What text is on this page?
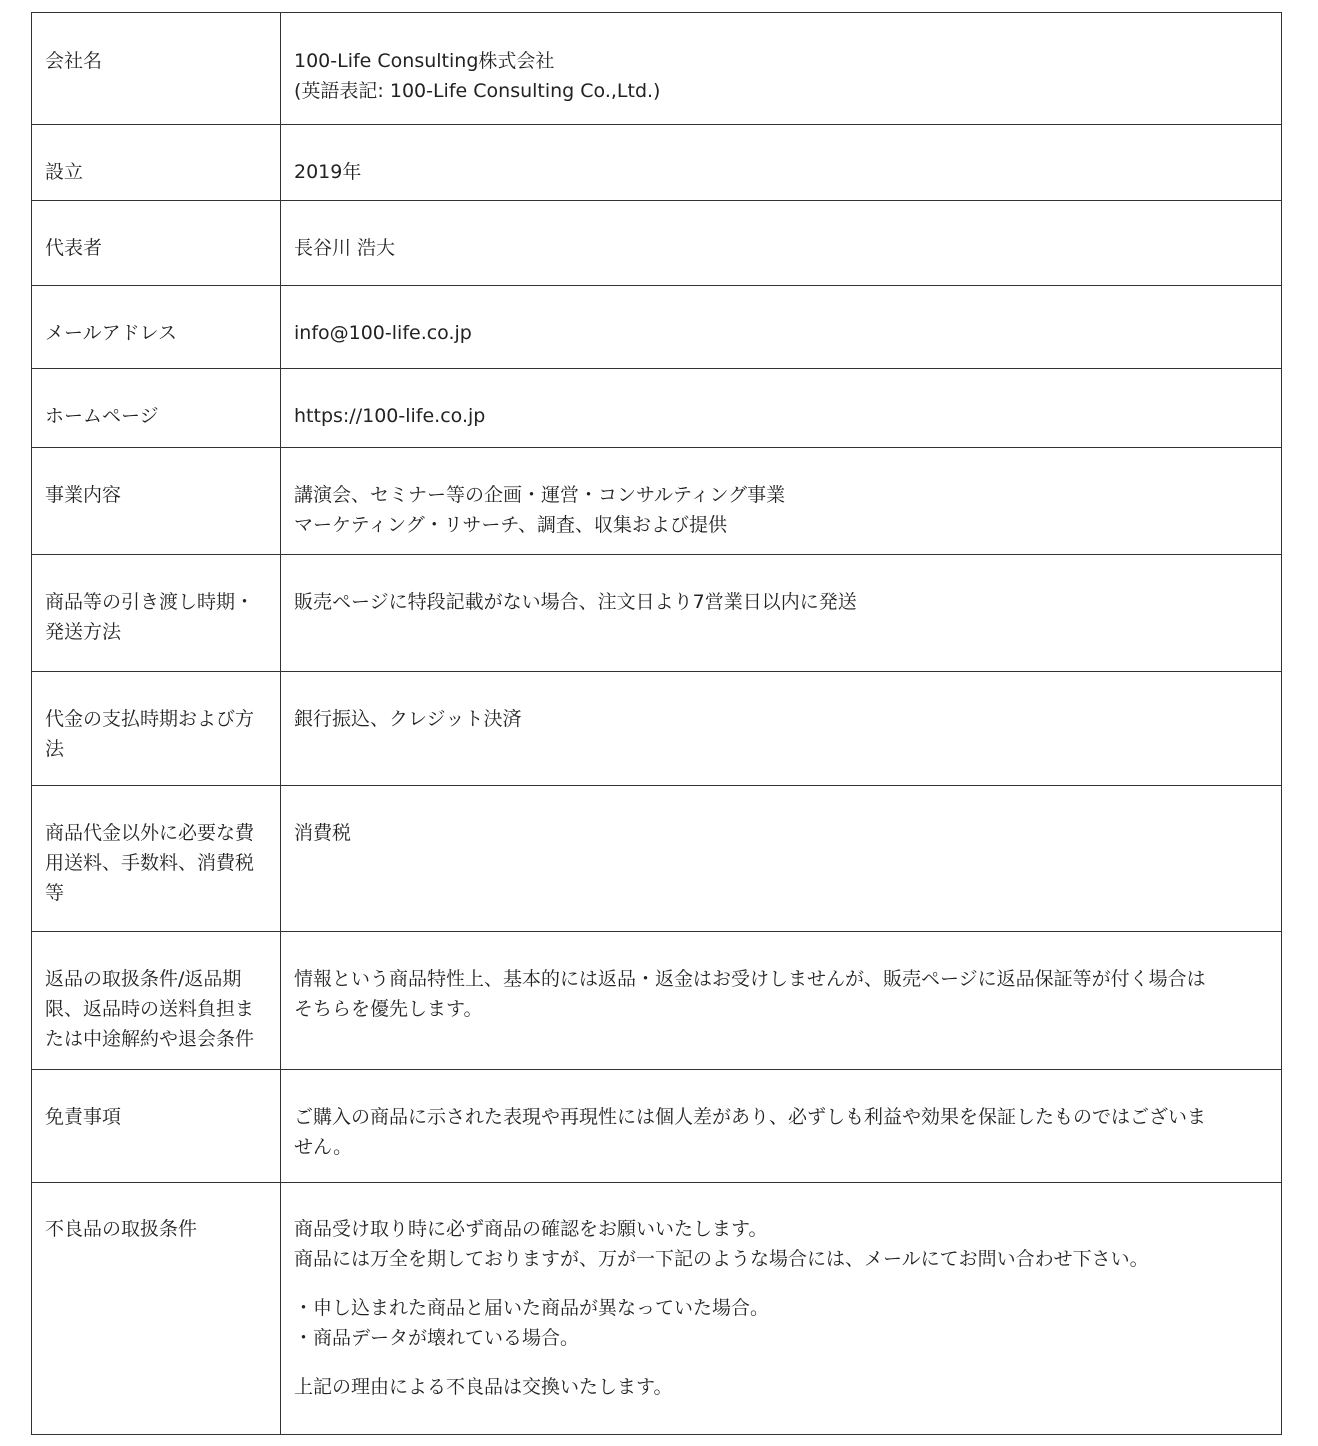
会社名	100-Life Consulting株式会社
(英語表記: 100-Life Consulting Co.,Ltd.)

設立	2019年

代表者	長谷川 浩大

メールアドレス	info@100-life.co.jp

ホームページ	https://100-life.co.jp

事業内容	講演会、セミナー等の企画・運営・コンサルティング事業
マーケティング・リサーチ、調査、収集および提供

商品等の引き渡し時期・
発送方法	販売ページに特段記載がない場合、注文日より7営業日以内に発送

代金の支払時期および方
法	銀行振込、クレジット決済

商品代金以外に必要な費
用送料、手数料、消費税
等	消費税

返品の取扱条件/返品期
限、返品時の送料負担ま
たは中途解約や退会条件	情報という商品特性上、基本的には返品・返金はお受けしませんが、販売ページに返品保証等が付く場合は
そちらを優先します。

免責事項	ご購入の商品に示された表現や再現性には個人差があり、必ずしも利益や効果を保証したものではございま
せん。

不良品の取扱条件	商品受け取り時に必ず商品の確認をお願いいたします。
商品には万全を期しておりますが、万が一下記のような場合には、メールにてお問い合わせ下さい。
・申し込まれた商品と届いた商品が異なっていた場合。
・商品データが壊れている場合。
上記の理由による不良品は交換いたします。
